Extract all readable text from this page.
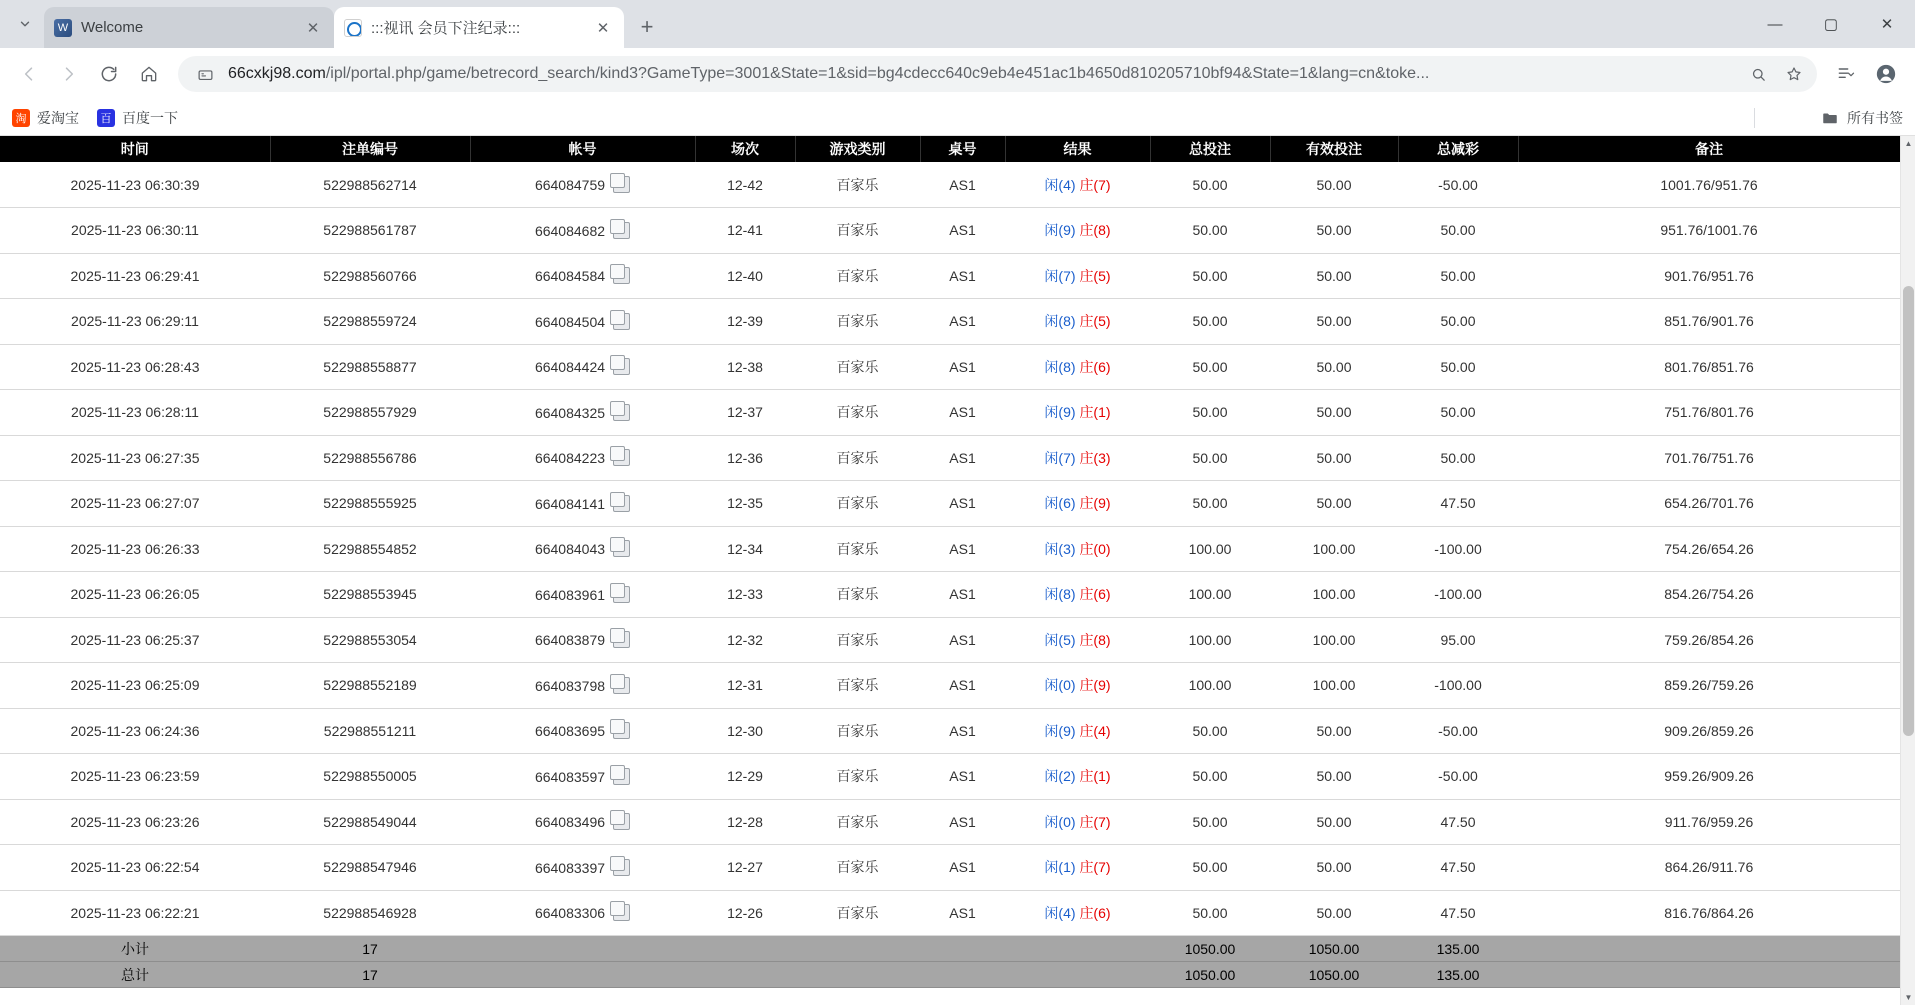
W Welcome	✕	:::视讯 会员下注纪录:::	✕	+	—	▢	✕
66cxkj98.com/ipl/portal.php/game/betrecord_search/kind3?GameType=3001&State=1&sid=bg4cdecc640c9eb4e451ac1b4650d810205710bf94&State=1&lang=cn&toke...
淘 爱淘宝	百 百度一下	所有书签
时间	注单编号	帐号	场次	游戏类别	桌号	结果	总投注	有效投注	总减彩	备注
2025-11-23 06:30:39	522988562714	664084759	12-42	百家乐	AS1	闲(4) 庄(7)	50.00	50.00	-50.00	1001.76/951.76
2025-11-23 06:30:11	522988561787	664084682	12-41	百家乐	AS1	闲(9) 庄(8)	50.00	50.00	50.00	951.76/1001.76
2025-11-23 06:29:41	522988560766	664084584	12-40	百家乐	AS1	闲(7) 庄(5)	50.00	50.00	50.00	901.76/951.76
2025-11-23 06:29:11	522988559724	664084504	12-39	百家乐	AS1	闲(8) 庄(5)	50.00	50.00	50.00	851.76/901.76
2025-11-23 06:28:43	522988558877	664084424	12-38	百家乐	AS1	闲(8) 庄(6)	50.00	50.00	50.00	801.76/851.76
2025-11-23 06:28:11	522988557929	664084325	12-37	百家乐	AS1	闲(9) 庄(1)	50.00	50.00	50.00	751.76/801.76
2025-11-23 06:27:35	522988556786	664084223	12-36	百家乐	AS1	闲(7) 庄(3)	50.00	50.00	50.00	701.76/751.76
2025-11-23 06:27:07	522988555925	664084141	12-35	百家乐	AS1	闲(6) 庄(9)	50.00	50.00	47.50	654.26/701.76
2025-11-23 06:26:33	522988554852	664084043	12-34	百家乐	AS1	闲(3) 庄(0)	100.00	100.00	-100.00	754.26/654.26
2025-11-23 06:26:05	522988553945	664083961	12-33	百家乐	AS1	闲(8) 庄(6)	100.00	100.00	-100.00	854.26/754.26
2025-11-23 06:25:37	522988553054	664083879	12-32	百家乐	AS1	闲(5) 庄(8)	100.00	100.00	95.00	759.26/854.26
2025-11-23 06:25:09	522988552189	664083798	12-31	百家乐	AS1	闲(0) 庄(9)	100.00	100.00	-100.00	859.26/759.26
2025-11-23 06:24:36	522988551211	664083695	12-30	百家乐	AS1	闲(9) 庄(4)	50.00	50.00	-50.00	909.26/859.26
2025-11-23 06:23:59	522988550005	664083597	12-29	百家乐	AS1	闲(2) 庄(1)	50.00	50.00	-50.00	959.26/909.26
2025-11-23 06:23:26	522988549044	664083496	12-28	百家乐	AS1	闲(0) 庄(7)	50.00	50.00	47.50	911.76/959.26
2025-11-23 06:22:54	522988547946	664083397	12-27	百家乐	AS1	闲(1) 庄(7)	50.00	50.00	47.50	864.26/911.76
2025-11-23 06:22:21	522988546928	664083306	12-26	百家乐	AS1	闲(4) 庄(6)	50.00	50.00	47.50	816.76/864.26
小计	17						1050.00	1050.00	135.00	
总计	17						1050.00	1050.00	135.00	
▲
▼
